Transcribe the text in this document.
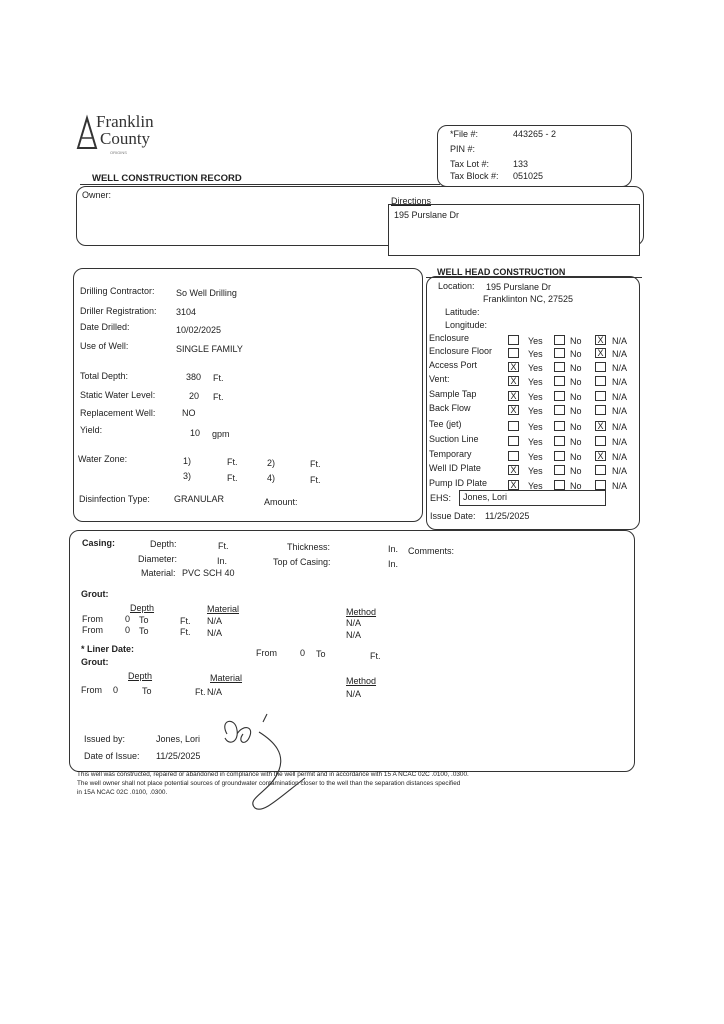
Franklin
County
ORIGINS
WELL CONSTRUCTION RECORD
*File #:	443265 - 2
PIN #:
Tax Lot #:	133
Tax Block #: 051025
Owner:
Directions
195 Purslane Dr
Drilling Contractor: So Well Drilling
Driller Registration: 3104
Date Drilled:	10/02/2025
Use of Well:	SINGLE FAMILY
Total Depth:	380 Ft.
Static Water Level:	20 Ft.
Replacement Well:	NO
Yield:	10 gpm
Water Zone:	1)	Ft.	2)	Ft.
3)	Ft.	4)	Ft.
Disinfection Type:	GRANULAR	Amount:
WELL HEAD CONSTRUCTION
Location: 195 Purslane Dr
Franklinton NC, 27525
Latitude:
Longitude:
Enclosure	Yes	No X N/A
Enclosure Floor	Yes	No X N/A
Access Port	X Yes	No	N/A
Vent:	X Yes	No	N/A
Sample Tap	X Yes	No	N/A
Back Flow	X Yes	No	N/A
Tee (jet)	Yes	No X N/A
Suction Line	Yes	No	N/A
Temporary	Yes	No X N/A
Well ID Plate	X Yes	No	N/A
Pump ID Plate	X Yes	No	N/A
EHS: Jones, Lori
Issue Date: 11/25/2025
Casing:	Depth:	Ft.	Thickness:	In. Comments:
Diameter:	In.	Top of Casing:	In.
Material: PVC SCH 40
Grout:
Depth	Material	Method
From 0 To	Ft. N/A	N/A
From 0 To	Ft. N/A	N/A
* Liner Date:	From	0 To	Ft.
Grout:
Depth	Material	Method
From 0	To	Ft. N/A	N/A
Issued by:	Jones, Lori
Date of Issue: 11/25/2025
This well was constructed, repaired or abandoned in compliance with the well permit and in accordance with 15 A NCAC 02C .0100, .0300.
The well owner shall not place potential sources of groundwater contamination closer to the well than the separation distances specified
in 15A NCAC 02C .0100, .0300.
